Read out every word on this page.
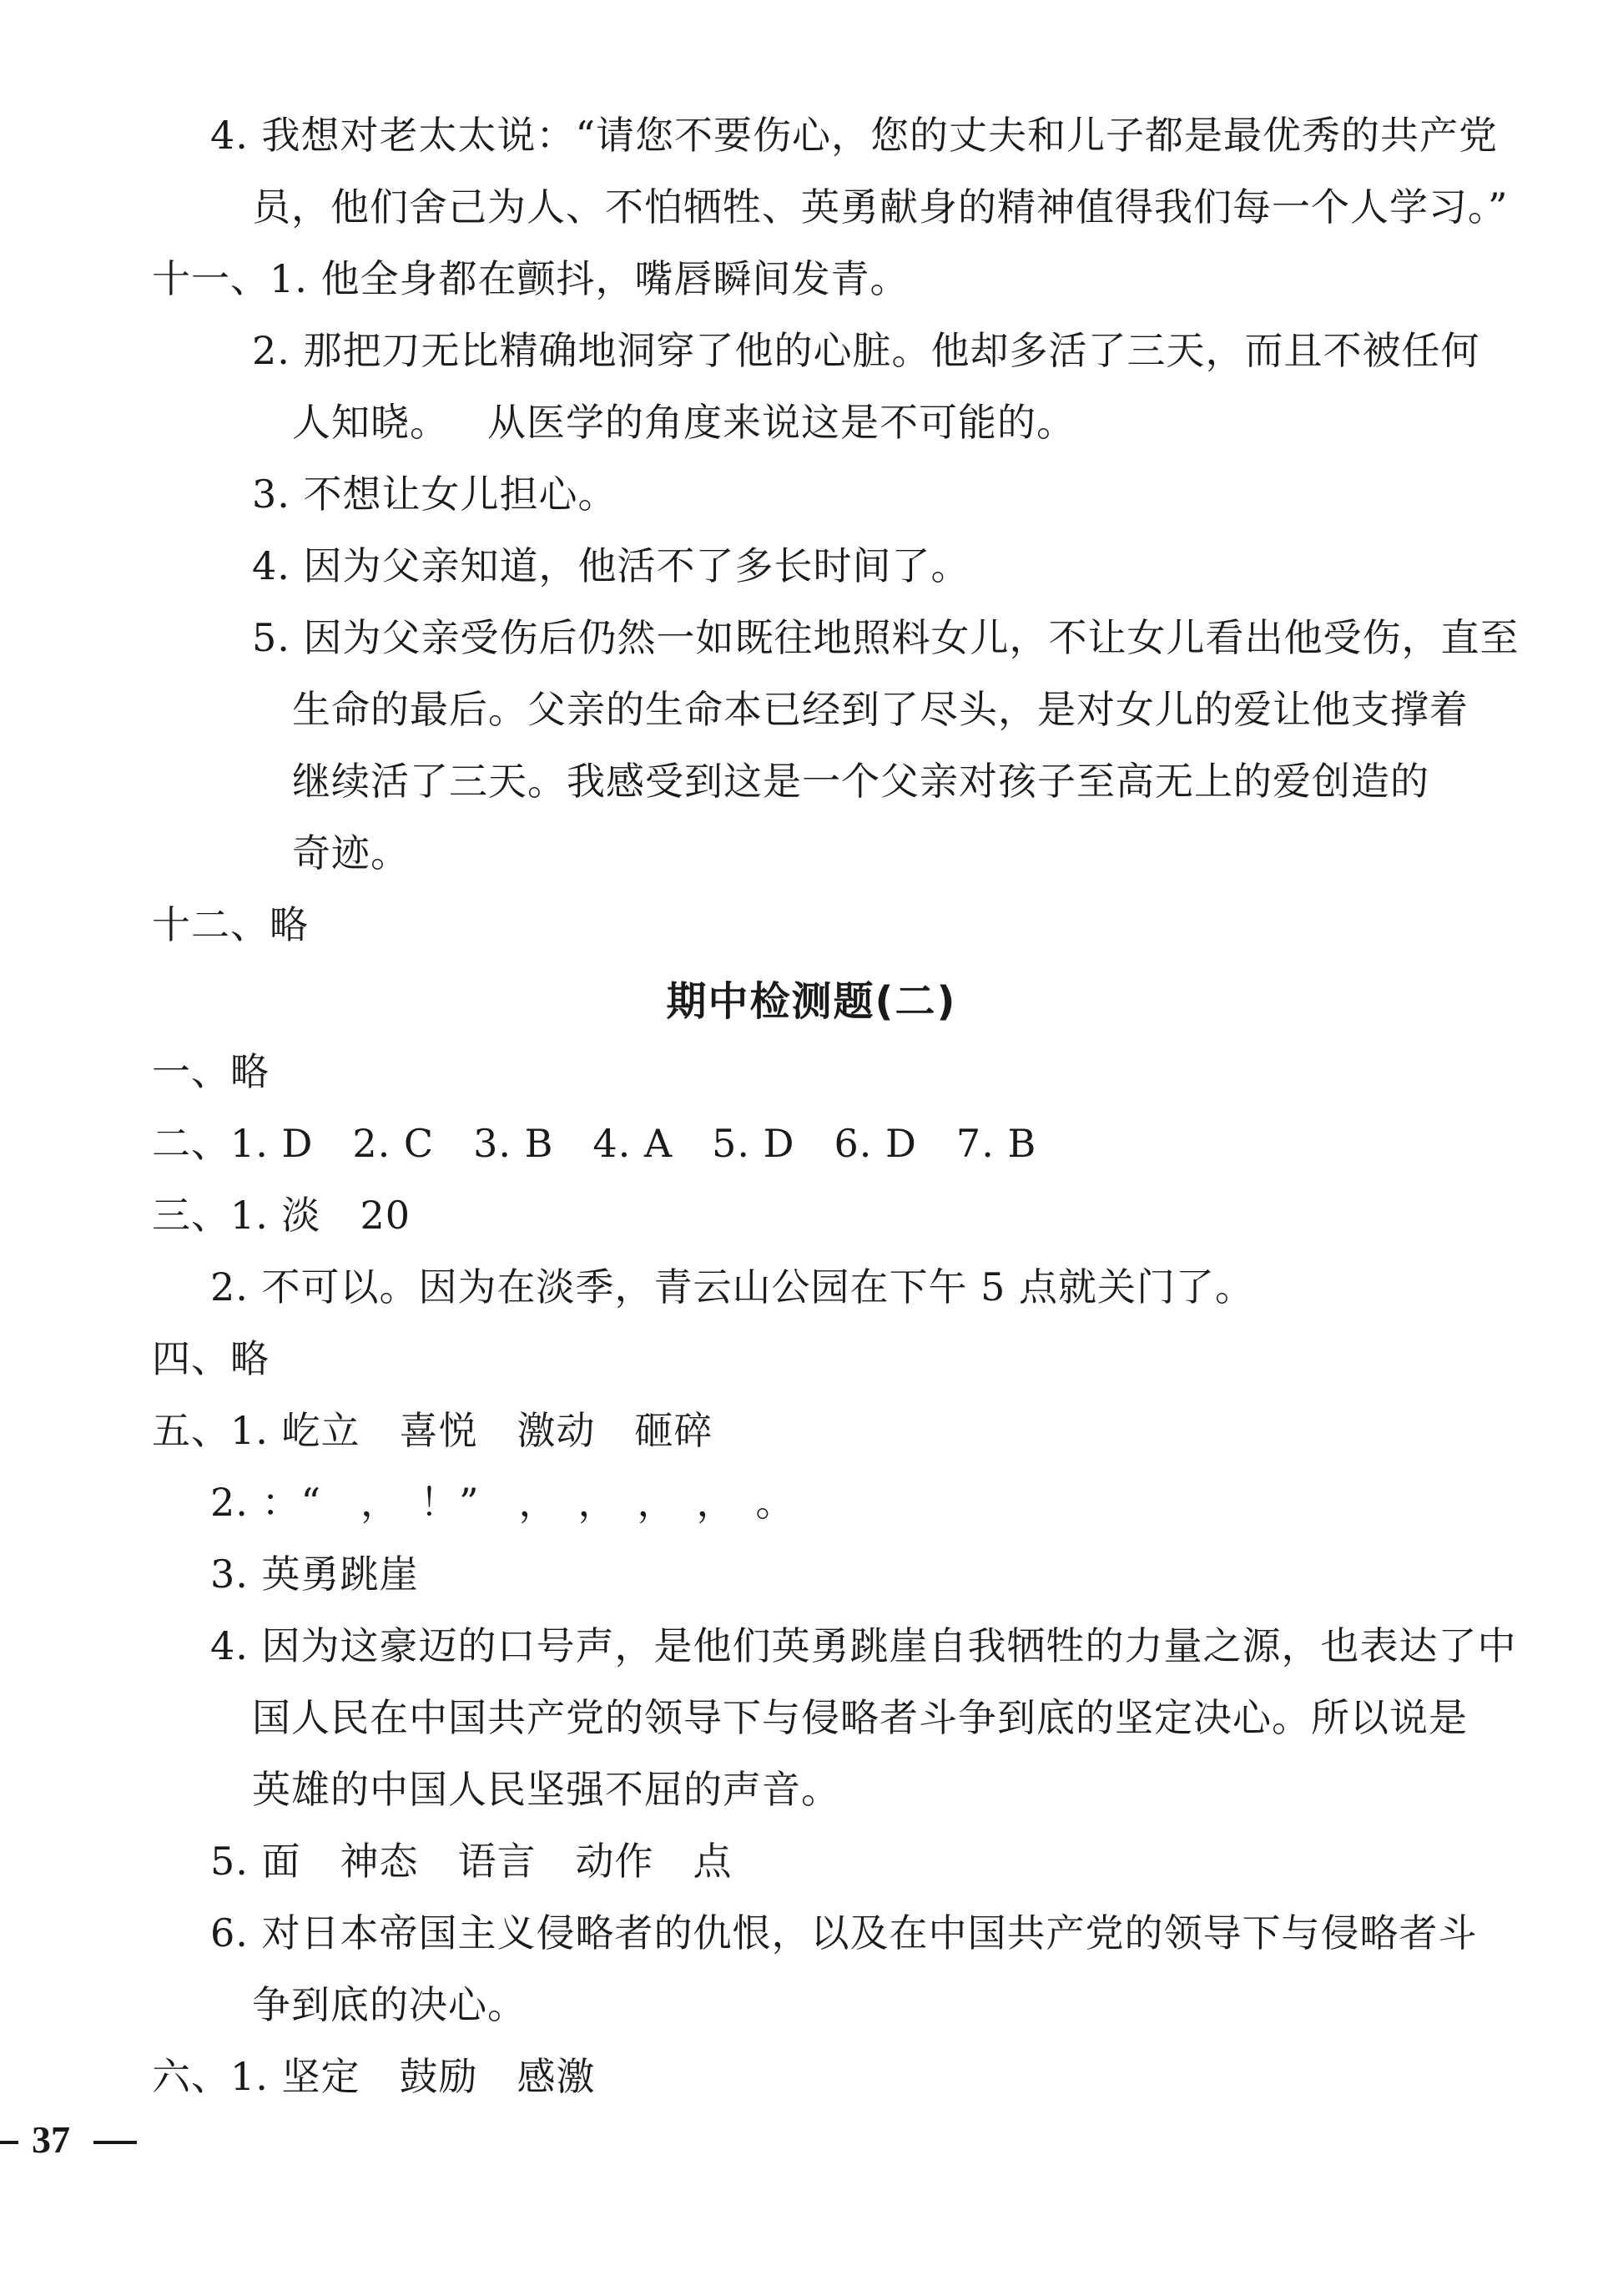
4. 我想对老太太说：“请您不要伤心，您的丈夫和儿子都是最优秀的共产党
员，他们舍己为人、不怕牺牲、英勇献身的精神值得我们每一个人学习。”
十一、1. 他全身都在颤抖，嘴唇瞬间发青。
2. 那把刀无比精确地洞穿了他的心脏。他却多活了三天，而且不被任何
人知晓。 从医学的角度来说这是不可能的。
3. 不想让女儿担心。
4. 因为父亲知道，他活不了多长时间了。
5. 因为父亲受伤后仍然一如既往地照料女儿，不让女儿看出他受伤，直至
生命的最后。父亲的生命本已经到了尽头，是对女儿的爱让他支撑着
继续活了三天。我感受到这是一个父亲对孩子至高无上的爱创造的
奇迹。
十二、略
期中检测题(二)
一、略
二、1. D　2. C　3. B　4. A　5. D　6. D　7. B
三、1. 淡　20
2. 不可以。因为在淡季，青云山公园在下午 5 点就关门了。
四、略
五、1. 屹立　喜悦　激动　砸碎
2. ：“　，　！”　，　，　，　，　。
3. 英勇跳崖
4. 因为这豪迈的口号声，是他们英勇跳崖自我牺牲的力量之源，也表达了中
国人民在中国共产党的领导下与侵略者斗争到底的坚定决心。所以说是
英雄的中国人民坚强不屈的声音。
5. 面　神态　语言　动作　点
6. 对日本帝国主义侵略者的仇恨，以及在中国共产党的领导下与侵略者斗
争到底的决心。
六、1. 坚定　鼓励　感激
37
